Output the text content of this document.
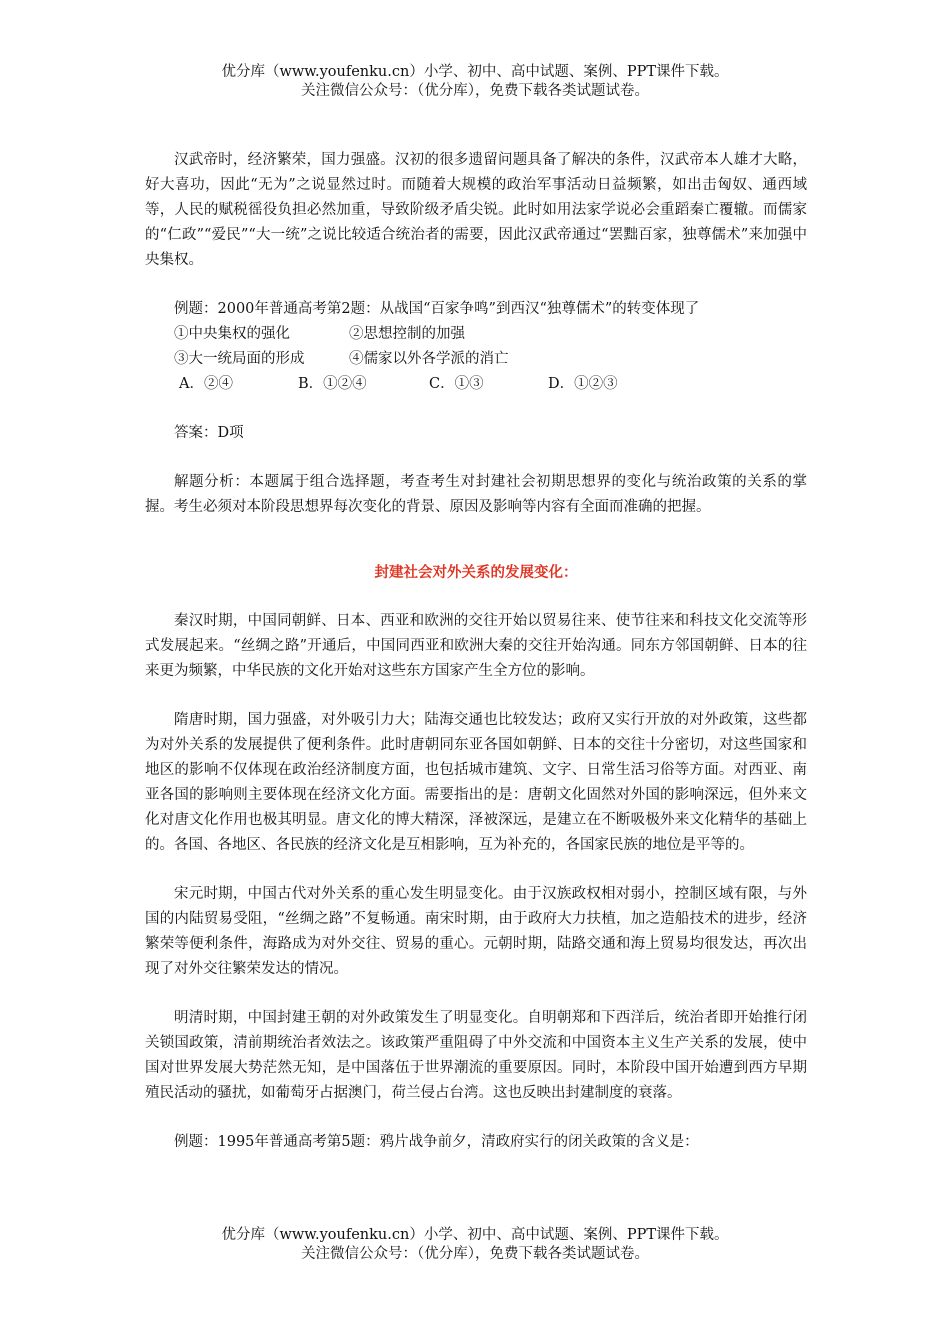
优分库（www.youfenku.cn）小学、初中、高中试题、案例、PPT课件下载。
关注微信公众号：（优分库），免费下载各类试题试卷。

汉武帝时，经济繁荣，国力强盛。汉初的很多遗留问题具备了解决的条件，汉武帝本人雄才大略，好大喜功，因此“无为”之说显然过时。而随着大规模的政治军事活动日益频繁，如出击匈奴、通西域等，人民的赋税徭役负担必然加重，导致阶级矛盾尖锐。此时如用法家学说必会重蹈秦亡覆辙。而儒家的“仁政”“爱民”“大一统”之说比较适合统治者的需要，因此汉武帝通过“罢黜百家，独尊儒术”来加强中央集权。

例题：2000年普通高考第2题：从战国“百家争鸣”到西汉“独尊儒术”的转变体现了

①中央集权的强化	②思想控制的加强
③大一统局面的形成	④儒家以外各学派的消亡
A．②④	B．①②④	C．①③	D．①②③

答案：D项

解题分析：本题属于组合选择题，考查考生对封建社会初期思想界的变化与统治政策的关系的掌握。考生必须对本阶段思想界每次变化的背景、原因及影响等内容有全面而准确的把握。

封建社会对外关系的发展变化：

秦汉时期，中国同朝鲜、日本、西亚和欧洲的交往开始以贸易往来、使节往来和科技文化交流等形式发展起来。“丝绸之路”开通后，中国同西亚和欧洲大秦的交往开始沟通。同东方邻国朝鲜、日本的往来更为频繁，中华民族的文化开始对这些东方国家产生全方位的影响。

隋唐时期，国力强盛，对外吸引力大；陆海交通也比较发达；政府又实行开放的对外政策，这些都为对外关系的发展提供了便利条件。此时唐朝同东亚各国如朝鲜、日本的交往十分密切，对这些国家和地区的影响不仅体现在政治经济制度方面，也包括城市建筑、文字、日常生活习俗等方面。对西亚、南亚各国的影响则主要体现在经济文化方面。需要指出的是：唐朝文化固然对外国的影响深远，但外来文化对唐文化作用也极其明显。唐文化的博大精深，泽被深远，是建立在不断吸极外来文化精华的基础上的。各国、各地区、各民族的经济文化是互相影响，互为补充的，各国家民族的地位是平等的。

宋元时期，中国古代对外关系的重心发生明显变化。由于汉族政权相对弱小，控制区域有限，与外国的内陆贸易受阻，“丝绸之路”不复畅通。南宋时期，由于政府大力扶植，加之造船技术的进步，经济繁荣等便利条件，海路成为对外交往、贸易的重心。元朝时期，陆路交通和海上贸易均很发达，再次出现了对外交往繁荣发达的情况。

明清时期，中国封建王朝的对外政策发生了明显变化。自明朝郑和下西洋后，统治者即开始推行闭关锁国政策，清前期统治者效法之。该政策严重阻碍了中外交流和中国资本主义生产关系的发展，使中国对世界发展大势茫然无知，是中国落伍于世界潮流的重要原因。同时，本阶段中国开始遭到西方早期殖民活动的骚扰，如葡萄牙占据澳门，荷兰侵占台湾。这也反映出封建制度的衰落。

例题：1995年普通高考第5题：鸦片战争前夕，清政府实行的闭关政策的含义是：

优分库（www.youfenku.cn）小学、初中、高中试题、案例、PPT课件下载。
关注微信公众号：（优分库），免费下载各类试题试卷。
